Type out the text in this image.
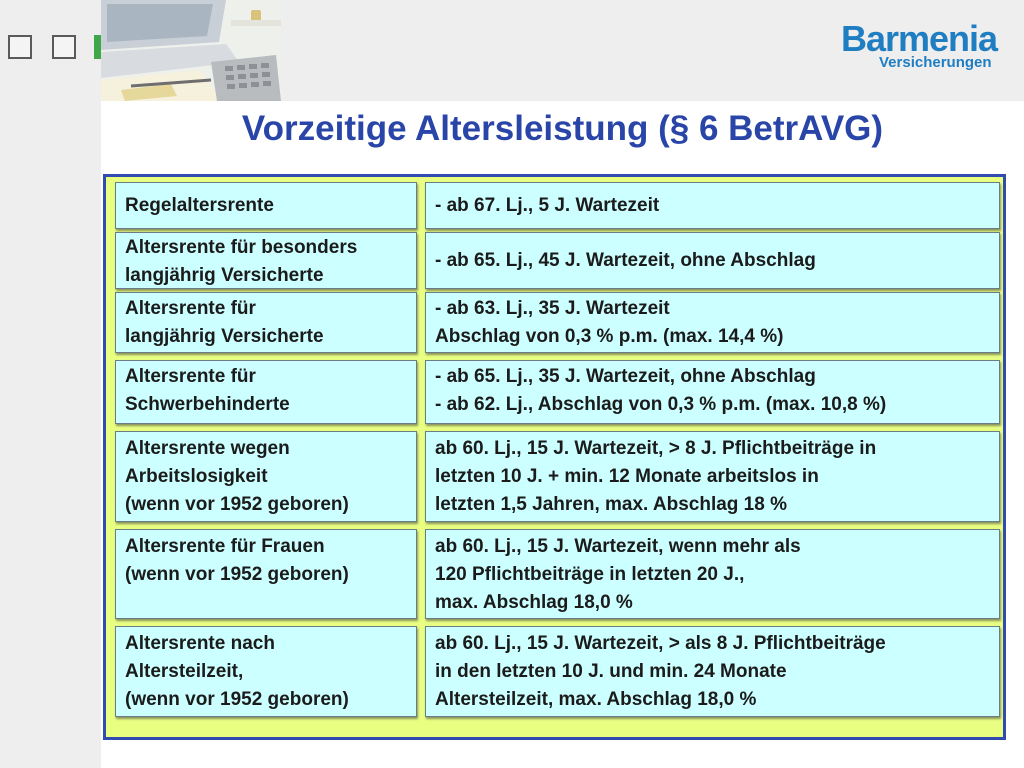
Barmenia
Versicherungen
Vorzeitige Altersleistung (§ 6 BetrAVG)
Regelaltersrente	- ab 67. Lj., 5 J. Wartezeit
Altersrente für besonders
langjährig Versicherte
- ab 65. Lj., 45 J. Wartezeit, ohne Abschlag
Altersrente für
langjährig Versicherte
- ab 63. Lj., 35 J. Wartezeit
Abschlag von 0,3 % p.m. (max. 14,4 %)
Altersrente für
Schwerbehinderte
- ab 65. Lj., 35 J. Wartezeit, ohne Abschlag
- ab 62. Lj., Abschlag von 0,3 % p.m. (max. 10,8 %)
Altersrente wegen
Arbeitslosigkeit
(wenn vor 1952 geboren)
ab 60. Lj., 15 J. Wartezeit, > 8 J. Pflichtbeiträge in
letzten 10 J. + min. 12 Monate arbeitslos in
letzten 1,5 Jahren, max. Abschlag 18 %
Altersrente für Frauen
(wenn vor 1952 geboren)
ab 60. Lj., 15 J. Wartezeit, wenn mehr als
120 Pflichtbeiträge in letzten 20 J.,
max. Abschlag 18,0 %
Altersrente nach
Altersteilzeit,
(wenn vor 1952 geboren)
ab 60. Lj., 15 J. Wartezeit, > als 8 J. Pflichtbeiträge
in den letzten 10 J. und min. 24 Monate
Altersteilzeit, max. Abschlag 18,0 %
